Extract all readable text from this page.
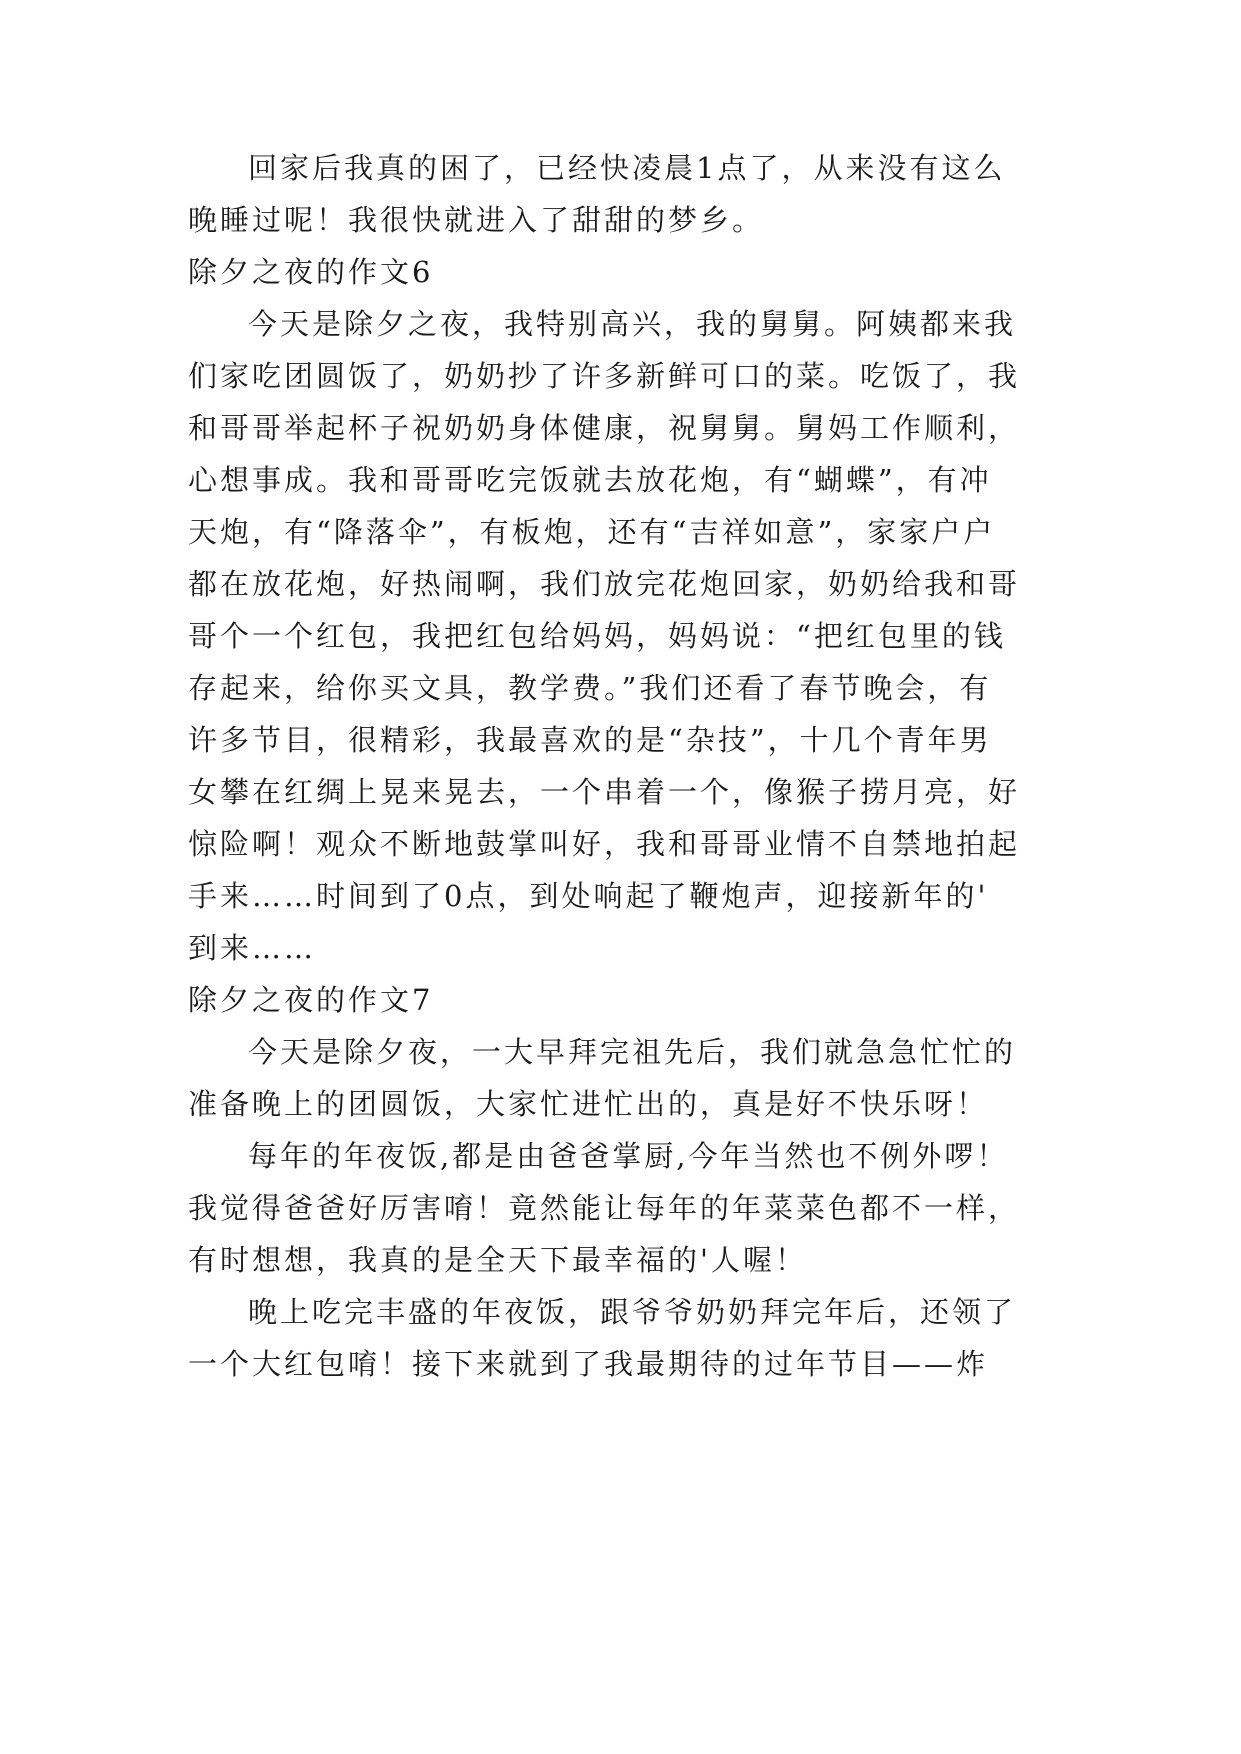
回家后我真的困了，已经快凌晨1点了，从来没有这么
晚睡过呢！我很快就进入了甜甜的梦乡。
除夕之夜的作文6
今天是除夕之夜，我特别高兴，我的舅舅。阿姨都来我
们家吃团圆饭了，奶奶抄了许多新鲜可口的菜。吃饭了，我
和哥哥举起杯子祝奶奶身体健康，祝舅舅。舅妈工作顺利，
心想事成。我和哥哥吃完饭就去放花炮，有“蝴蝶”，有冲
天炮，有“降落伞”，有板炮，还有“吉祥如意”，家家户户
都在放花炮，好热闹啊，我们放完花炮回家，奶奶给我和哥
哥个一个红包，我把红包给妈妈，妈妈说：“把红包里的钱
存起来，给你买文具，教学费。”我们还看了春节晚会，有
许多节目，很精彩，我最喜欢的是“杂技”，十几个青年男
女攀在红绸上晃来晃去，一个串着一个，像猴子捞月亮，好
惊险啊！观众不断地鼓掌叫好，我和哥哥业情不自禁地拍起
手来……时间到了0点，到处响起了鞭炮声，迎接新年的'
到来……
除夕之夜的作文7
今天是除夕夜，一大早拜完祖先后，我们就急急忙忙的
准备晚上的团圆饭，大家忙进忙出的，真是好不快乐呀！
每年的年夜饭,都是由爸爸掌厨,今年当然也不例外啰！
我觉得爸爸好厉害唷！竟然能让每年的年菜菜色都不一样，
有时想想，我真的是全天下最幸福的'人喔！
晚上吃完丰盛的年夜饭，跟爷爷奶奶拜完年后，还领了
一个大红包唷！接下来就到了我最期待的过年节目——炸
